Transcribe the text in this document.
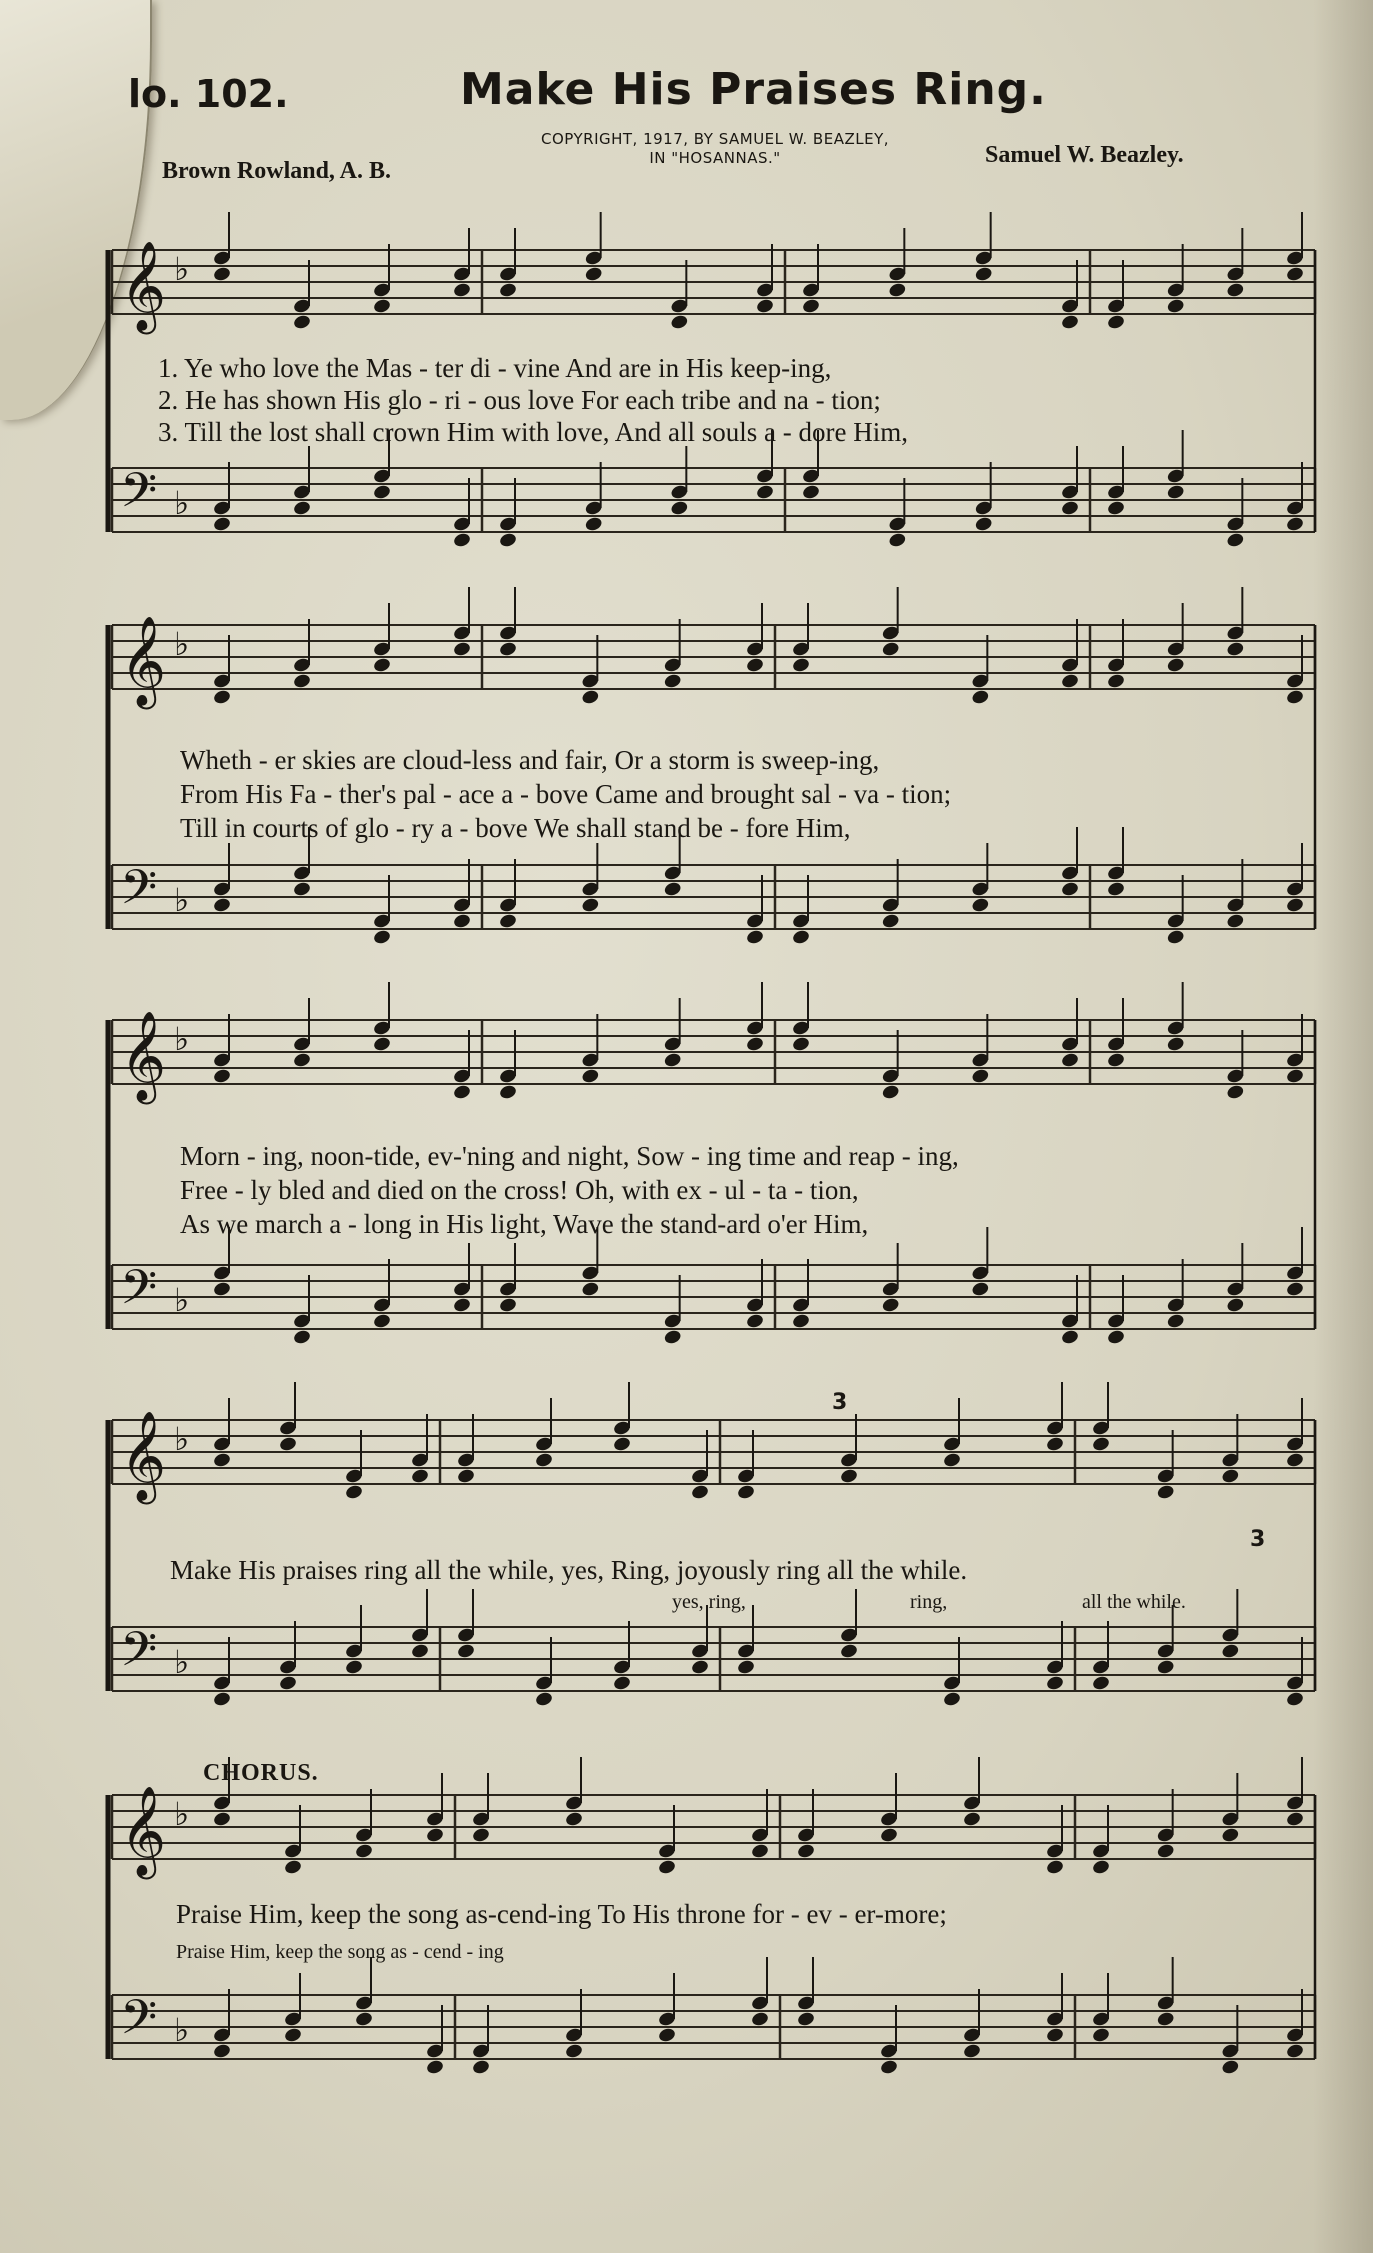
lo. 102.	Make His Praises Ring.
COPYRIGHT, 1917, BY SAMUEL W. BEAZLEY,
IN "HOSANNAS."
Brown Rowland, A. B.
Samuel W. Beazley.
𝄞 ♭
𝄢 ♭
1. Ye who love the Mas - ter di - vine And are in His keep-ing,
2. He has shown His glo - ri - ous love For each tribe and na - tion;
3. Till the lost shall crown Him with love, And all souls a - dore Him,
𝄞 ♭
𝄢 ♭
Wheth - er skies are cloud-less and fair, Or a storm is sweep-ing,
From His Fa - ther's pal - ace a - bove Came and brought sal - va - tion;
Till in courts of glo - ry a - bove We shall stand be - fore Him,
𝄞 ♭
𝄢 ♭
Morn - ing, noon-tide, ev-'ning and night, Sow - ing time and reap - ing,
Free - ly bled and died on the cross! Oh, with ex - ul - ta - tion,
As we march a - long in His light, Wave the stand-ard o'er Him,
𝄞 ♭
𝄢 ♭
3
3
Make His praises ring all the while, yes, Ring, joyously ring all the while.
yes, ring,	ring,	all the while.
CHORUS.
𝄞 ♭
𝄢 ♭
Praise Him, keep the song as-cend-ing To His throne for - ev - er-more;
Praise Him, keep the song as - cend - ing
